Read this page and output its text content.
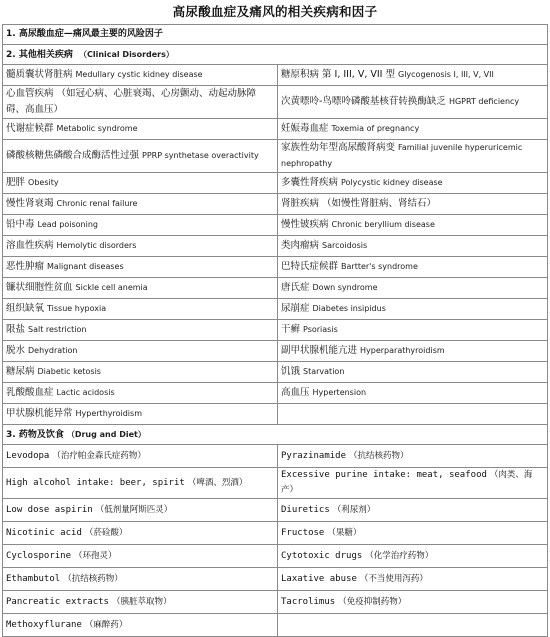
高尿酸血症及痛风的相关疾病和因子
1. 高尿酸血症—痛风最主要的风险因子	
2. 其他相关疾病 （Clinical Disorders）	
髓质囊状肾脏病 Medullary cystic kidney disease	糖原积病 第 I, III, V, VII 型 Glycogenosis I, III, V, VII
心血管疾病 （如冠心病、心脏衰竭、心房颤动、动起动脉障碍、高血压）	次黄嘌呤-鸟嘌呤磷酸基核苷转换酶缺乏 HGPRT deficiency
代谢症候群 Metabolic syndrome	妊娠毒血症 Toxemia of pregnancy
磷酸核糖焦磷酸合成酶活性过强 PPRP synthetase overactivity	家族性幼年型高尿酸肾病变 Familial juvenile hyperuricemic nephropathy
肥胖 Obesity	多囊性肾疾病 Polycystic kidney disease
慢性肾衰竭 Chronic renal failure	肾脏疾病 （如慢性肾脏病、肾结石）
铅中毒 Lead poisoning	慢性铍疾病 Chronic beryllium disease
溶血性疾病 Hemolytic disorders	类肉瘤病 Sarcoidosis
恶性肿瘤 Malignant diseases	巴特氏症候群 Bartter's syndrome
镰状细胞性贫血 Sickle cell anemia	唐氏症 Down syndrome
组织缺氧 Tissue hypoxia	尿崩症 Diabetes insipidus
限盐 Salt restriction	干癣 Psoriasis
脱水 Dehydration	副甲状腺机能亢进 Hyperparathyroidism
糖尿病 Diabetic ketosis	饥饿 Starvation
乳酸酸血症 Lactic acidosis	高血压 Hypertension
甲状腺机能异常 Hyperthyroidism	
3. 药物及饮食 （Drug and Diet）	
Levodopa （治疗帕金森氏症药物）	Pyrazinamide （抗结核药物）
High alcohol intake: beer, spirit （啤酒、烈酒）	Excessive purine intake: meat, seafood （肉类、海产）
Low dose aspirin （低剂量阿斯匹灵）	Diuretics （利尿剂）
Nicotinic acid （菸硷酸）	Fructose （果糖）
Cyclosporine （环孢灵）	Cytotoxic drugs （化学治疗药物）
Ethambutol （抗结核药物）	Laxative abuse （不当使用泻药）
Pancreatic extracts （胰脏萃取物）	Tacrolimus （免疫抑制药物）
Methoxyflurane （麻醉药）	
